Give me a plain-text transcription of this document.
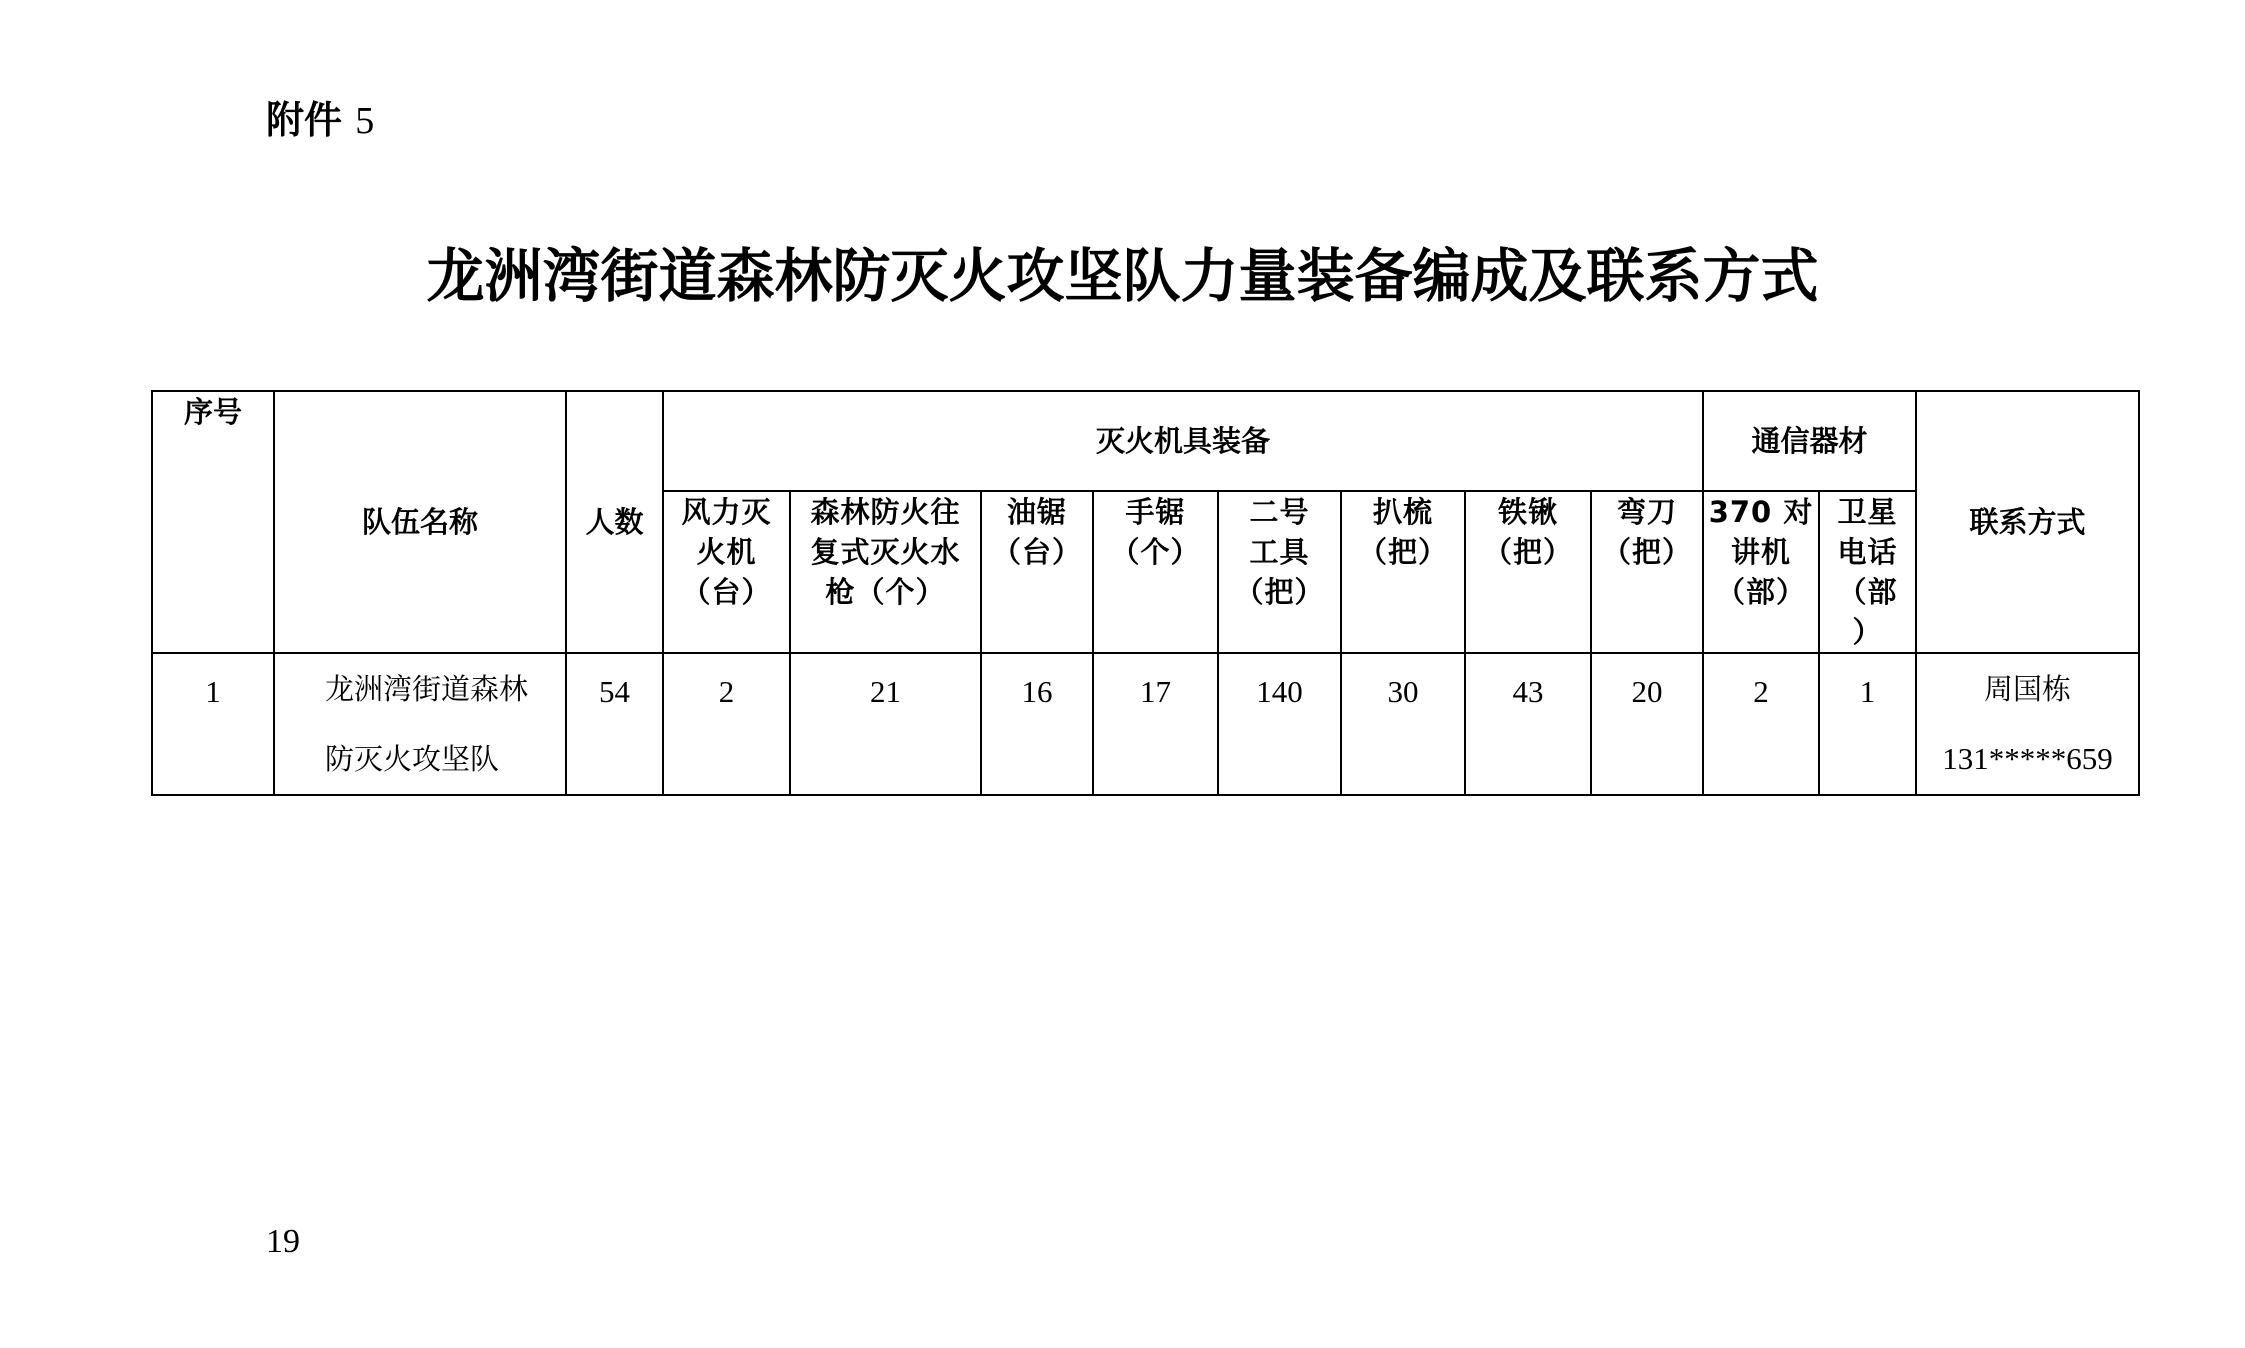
附件 5
龙洲湾街道森林防灭火攻坚队力量装备编成及联系方式
序号	队伍名称	人数	灭火机具装备								通信器材		联系方式

			风力灭
火机
（台）	森林防火往
复式灭火水
枪（个）	油锯
（台）	手锯
（个）	二号
工具
（把）	扒梳
（把）	铁锹
（把）	弯刀
（把）	370 对
讲机
（部）	卫星
电话
（部
）	

1	龙洲湾街道森林
防灭火攻坚队	54	2	21	16	17	140	30	43	20	2	1	周国栋
131*****659
19
